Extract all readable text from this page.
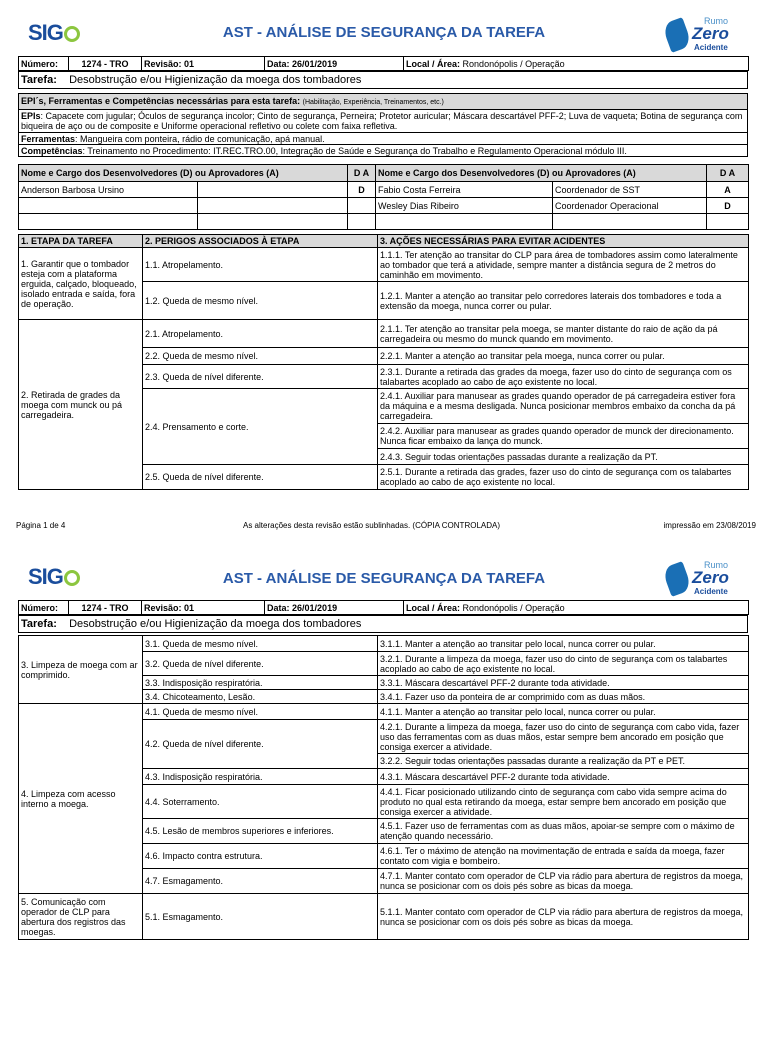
SIG	AST - ANÁLISE DE SEGURANÇA DA TAREFA
Rumo
Zero
Acidente
Número:	1274 - TRO	Revisão: 01	Data: 26/01/2019	Local / Área: Rondonópolis / Operação
Tarefa: Desobstrução e/ou Higienização da moega dos tombadores
EPI´s, Ferramentas e Competências necessárias para esta tarefa: (Habilitação, Experiência, Treinamentos, etc.)
EPIs: Capacete com jugular; Óculos de segurança incolor; Cinto de segurança, Perneira; Protetor auricular; Máscara descartável PFF-2; Luva de vaqueta; Botina de segurança com biqueira de aço ou de composite e Uniforme operacional refletivo ou colete com faixa refletiva.
Ferramentas: Mangueira com ponteira, rádio de comunicação, apá manual.
Competências: Treinamento no Procedimento: IT.REC.TRO.00, Integração de Saúde e Segurança do Trabalho e Regulamento Operacional módulo III.
Nome e Cargo dos Desenvolvedores (D) ou Aprovadores (A)		D A	Nome e Cargo dos Desenvolvedores (D) ou Aprovadores (A)		D A
Anderson Barbosa Ursino		D	Fabio Costa Ferreira	Coordenador de SST	A
			Wesley Dias Ribeiro	Coordenador Operacional	D

1. ETAPA DA TAREFA	2. PERIGOS ASSOCIADOS À ETAPA	3. AÇÕES NECESSÁRIAS PARA EVITAR ACIDENTES
1. Garantir que o tombador esteja com a plataforma erguida, calçado, bloqueado, isolado entrada e saída, fora de operação.	1.1. Atropelamento.	1.1.1. Ter atenção ao transitar do CLP para área de tombadores assim como lateralmente ao tombador que terá a atividade, sempre manter a distância segura de 2 metros do caminhão em movimento.
	1.2. Queda de mesmo nível.	1.2.1. Manter a atenção ao transitar pelo corredores laterais dos tombadores e toda a extensão da moega, nunca correr ou pular.
2. Retirada de grades da moega com munck ou pá carregadeira.	2.1. Atropelamento.	2.1.1. Ter atenção ao transitar pela moega, se manter distante do raio de ação da pá carregadeira ou mesmo do munck quando em movimento.
	2.2. Queda de mesmo nível.	2.2.1. Manter a atenção ao transitar pela moega, nunca correr ou pular.
	2.3. Queda de nível diferente.	2.3.1. Durante a retirada das grades da moega, fazer uso do cinto de segurança com os talabartes acoplado ao cabo de aço existente no local.
	2.4. Prensamento e corte.	2.4.1. Auxiliar para manusear as grades quando operador de pá carregadeira estiver fora da máquina e a mesma desligada. Nunca posicionar membros embaixo da concha da pá carregadeira.
		2.4.2. Auxiliar para manusear as grades quando operador de munck der direcionamento. Nunca ficar embaixo da lança do munck.
		2.4.3. Seguir todas orientações passadas durante a realização da PT.
	2.5. Queda de nível diferente.	2.5.1. Durante a retirada das grades, fazer uso do cinto de segurança com os talabartes acoplado ao cabo de aço existente no local.
Página 1 de 4	As alterações desta revisão estão sublinhadas. (CÓPIA CONTROLADA)	impressão em 23/08/2019
SIG	AST - ANÁLISE DE SEGURANÇA DA TAREFA
Rumo
Zero
Acidente
Número:	1274 - TRO	Revisão: 01	Data: 26/01/2019	Local / Área: Rondonópolis / Operação
Tarefa: Desobstrução e/ou Higienização da moega dos tombadores
3. Limpeza de moega com ar comprimido.	3.1. Queda de mesmo nível.	3.1.1. Manter a atenção ao transitar pelo local, nunca correr ou pular.
	3.2. Queda de nível diferente.	3.2.1. Durante a limpeza da moega, fazer uso do cinto de segurança com os talabartes acoplado ao cabo de aço existente no local.
	3.3. Indisposição respiratória.	3.3.1. Máscara descartável PFF-2 durante toda atividade.
	3.4. Chicoteamento, Lesão.	3.4.1. Fazer uso da ponteira de ar comprimido com as duas mãos.
4. Limpeza com acesso interno a moega.	4.1. Queda de mesmo nível.	4.1.1. Manter a atenção ao transitar pelo local, nunca correr ou pular.
	4.2. Queda de nível diferente.	4.2.1. Durante a limpeza da moega, fazer uso do cinto de segurança com cabo vida, fazer uso das ferramentas com as duas mãos, estar sempre bem ancorado em posição que consiga exercer a atividade.
		3.2.2. Seguir todas orientações passadas durante a realização da PT e PET.
	4.3. Indisposição respiratória.	4.3.1. Máscara descartável PFF-2 durante toda atividade.
	4.4. Soterramento.	4.4.1. Ficar posicionado utilizando cinto de segurança com cabo vida sempre acima do produto no qual esta retirando da moega, estar sempre bem ancorado em posição que consiga exercer a atividade.
	4.5. Lesão de membros superiores e inferiores.	4.5.1. Fazer uso de ferramentas com as duas mãos, apoiar-se sempre com o máximo de atenção quando necessário.
	4.6. Impacto contra estrutura.	4.6.1. Ter o máximo de atenção na movimentação de entrada e saída da moega, fazer contato com vigia e bombeiro.
	4.7. Esmagamento.	4.7.1. Manter contato com operador de CLP via rádio para abertura de registros da moega, nunca se posicionar com os dois pés sobre as bicas da moega.

5. Comunicação com operador de CLP para abertura dos registros das moegas.	5.1. Esmagamento.	5.1.1. Manter contato com operador de CLP via rádio para abertura de registros da moega, nunca se posicionar com os dois pés sobre as bicas da moega.
